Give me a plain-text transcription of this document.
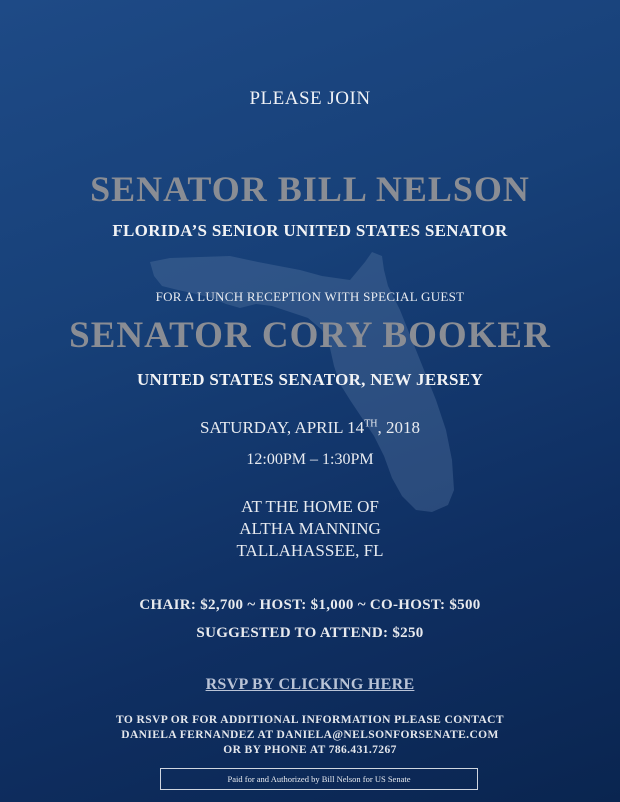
PLEASE JOIN
SENATOR BILL NELSON
FLORIDA’S SENIOR UNITED STATES SENATOR
FOR A LUNCH RECEPTION WITH SPECIAL GUEST
SENATOR CORY BOOKER
UNITED STATES SENATOR, NEW JERSEY
SATURDAY, APRIL 14TH, 2018
12:00PM – 1:30PM
AT THE HOME OF
ALTHA MANNING
TALLAHASSEE, FL
CHAIR: $2,700 ~ HOST: $1,000 ~ CO-HOST: $500
SUGGESTED TO ATTEND: $250
RSVP BY CLICKING HERE
TO RSVP OR FOR ADDITIONAL INFORMATION PLEASE CONTACT
DANIELA FERNANDEZ AT DANIELA@NELSONFORSENATE.COM
OR BY PHONE AT 786.431.7267
Paid for and Authorized by Bill Nelson for US Senate
